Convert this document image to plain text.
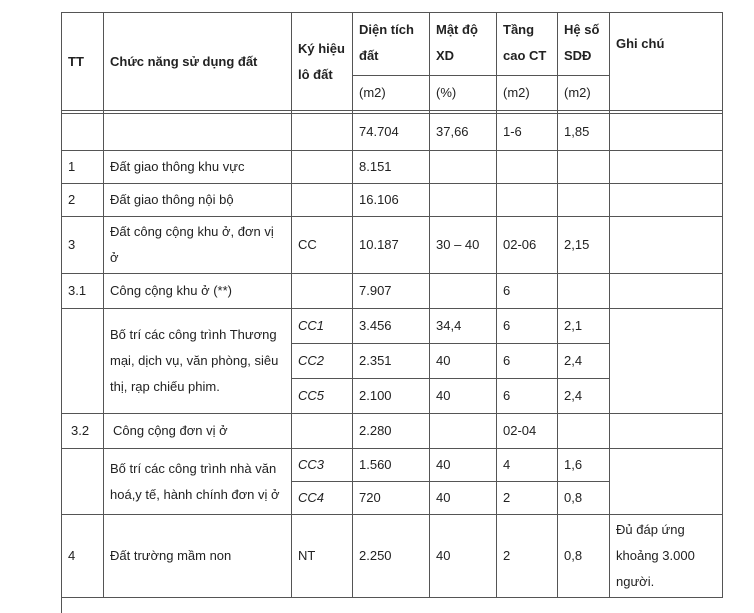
TT	Chức năng sử dụng đất	Ký hiệu lô đất	Diện tích đất	Mật độ XD	Tầng cao CT	Hệ số SDĐ	Ghi chú
			(m2)	(%)	(m2)	(m2)	

			74.704	37,66	1-6	1,85	
1	Đất giao thông khu vực		8.151				
2	Đất giao thông nội bộ		16.106				
3	Đất công cộng khu ở, đơn vị ở	CC	10.187	30 – 40	02-06	2,15	
3.1	Công cộng khu ở (**)		7.907		6		
	Bố trí các công trình Thương mại, dịch vụ, văn phòng, siêu thị, rạp chiếu phim.	CC1	3.456	34,4	6	2,1	
		CC2	2.351	40	6	2,4	
		CC5	2.100	40	6	2,4	
3.2	Công cộng đơn vị ở		2.280		02-04		
	Bố trí các công trình nhà văn hoá,y tế, hành chính đơn vị ở	CC3	1.560	40	4	1,6	
		CC4	720	40	2	0,8	
4	Đất trường mầm non	NT	2.250	40	2	0,8	Đủ đáp ứng khoảng 3.000 người.
